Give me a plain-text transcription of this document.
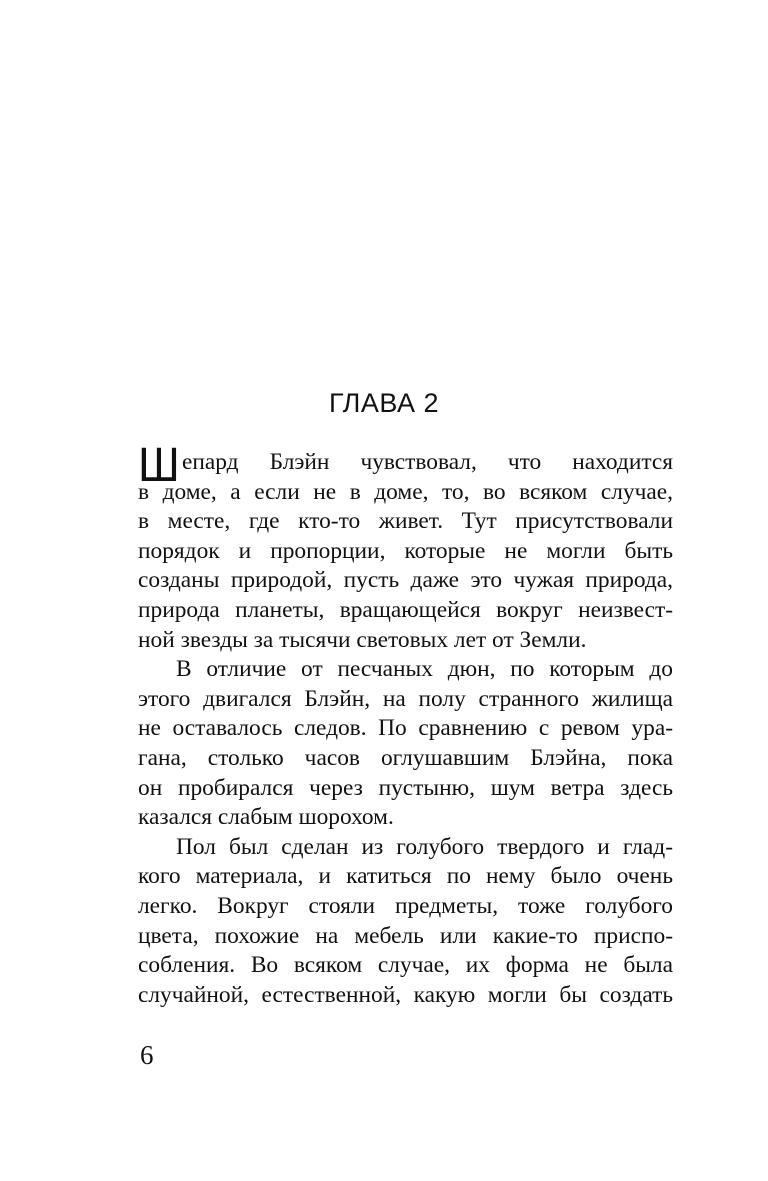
ГЛАВА 2
Ш епард Блэйн чувствовал, что находится
в доме, а если не в доме, то, во всяком случае,
в месте, где кто-то живет. Тут присутствовали
порядок и пропорции, которые не могли быть
созданы природой, пусть даже это чужая природа,
природа планеты, вращающейся вокруг неизвест-
ной звезды за тысячи световых лет от Земли.
В отличие от песчаных дюн, по которым до
этого двигался Блэйн, на полу странного жилища
не оставалось следов. По сравнению с ревом ура-
гана, столько часов оглушавшим Блэйна, пока
он пробирался через пустыню, шум ветра здесь
казался слабым шорохом.
Пол был сделан из голубого твердого и глад-
кого материала, и катиться по нему было очень
легко. Вокруг стояли предметы, тоже голубого
цвета, похожие на мебель или какие-то приспо-
собления. Во всяком случае, их форма не была
случайной, естественной, какую могли бы создать
6
